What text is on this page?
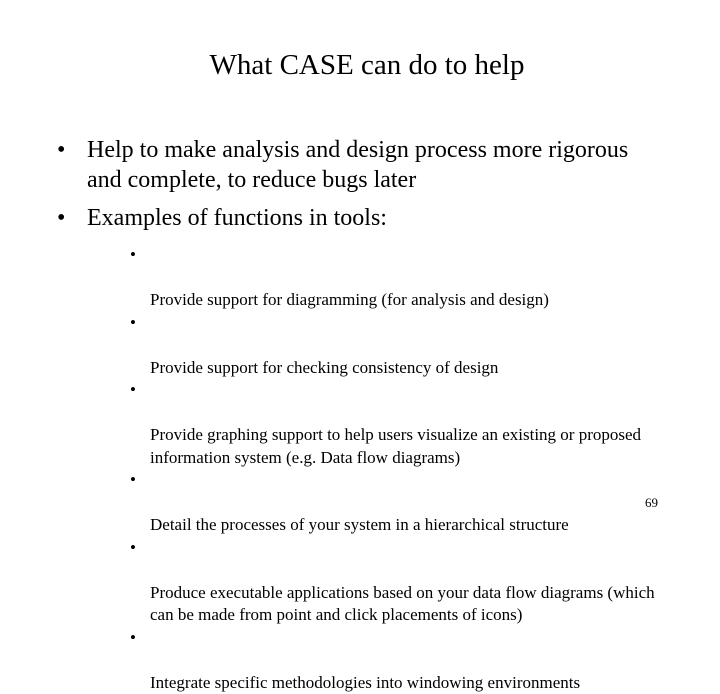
What CASE can do to help
• Help to make analysis and design process more rigorous and complete, to reduce bugs later
• Examples of functions in tools:

•

Provide support for diagramming (for analysis and design)

•

Provide support for checking consistency of design

•

Provide graphing support to help users visualize an existing or proposed information system (e.g. Data flow diagrams)

•

Detail the processes of your system in a hierarchical structure

•

Produce executable applications based on your data flow diagrams (which can be made from point and click placements of icons)

•

Integrate specific methodologies into windowing environments

69
